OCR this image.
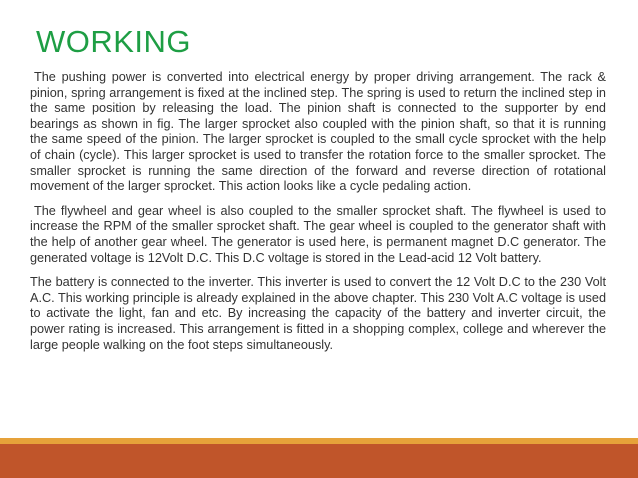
WORKING

The pushing power is converted into electrical energy by proper driving arrangement. The rack & pinion, spring arrangement is fixed at the inclined step. The spring is used to return the inclined step in the same position by releasing the load. The pinion shaft is connected to the supporter by end bearings as shown in fig. The larger sprocket also coupled with the pinion shaft, so that it is running the same speed of the pinion. The larger sprocket is coupled to the small cycle sprocket with the help of chain (cycle). This larger sprocket is used to transfer the rotation force to the smaller sprocket. The smaller sprocket is running the same direction of the forward and reverse direction of rotational movement of the larger sprocket. This action looks like a cycle pedaling action.

The flywheel and gear wheel is also coupled to the smaller sprocket shaft. The flywheel is used to increase the RPM of the smaller sprocket shaft. The gear wheel is coupled to the generator shaft with the help of another gear wheel. The generator is used here, is permanent magnet D.C generator. The generated voltage is 12Volt D.C. This D.C voltage is stored in the Lead-acid 12 Volt battery.

The battery is connected to the inverter. This inverter is used to convert the 12 Volt D.C to the 230 Volt A.C. This working principle is already explained in the above chapter. This 230 Volt A.C voltage is used to activate the light, fan and etc. By increasing the capacity of the battery and inverter circuit, the power rating is increased. This arrangement is fitted in a shopping complex, college and wherever the large people walking on the foot steps simultaneously.
